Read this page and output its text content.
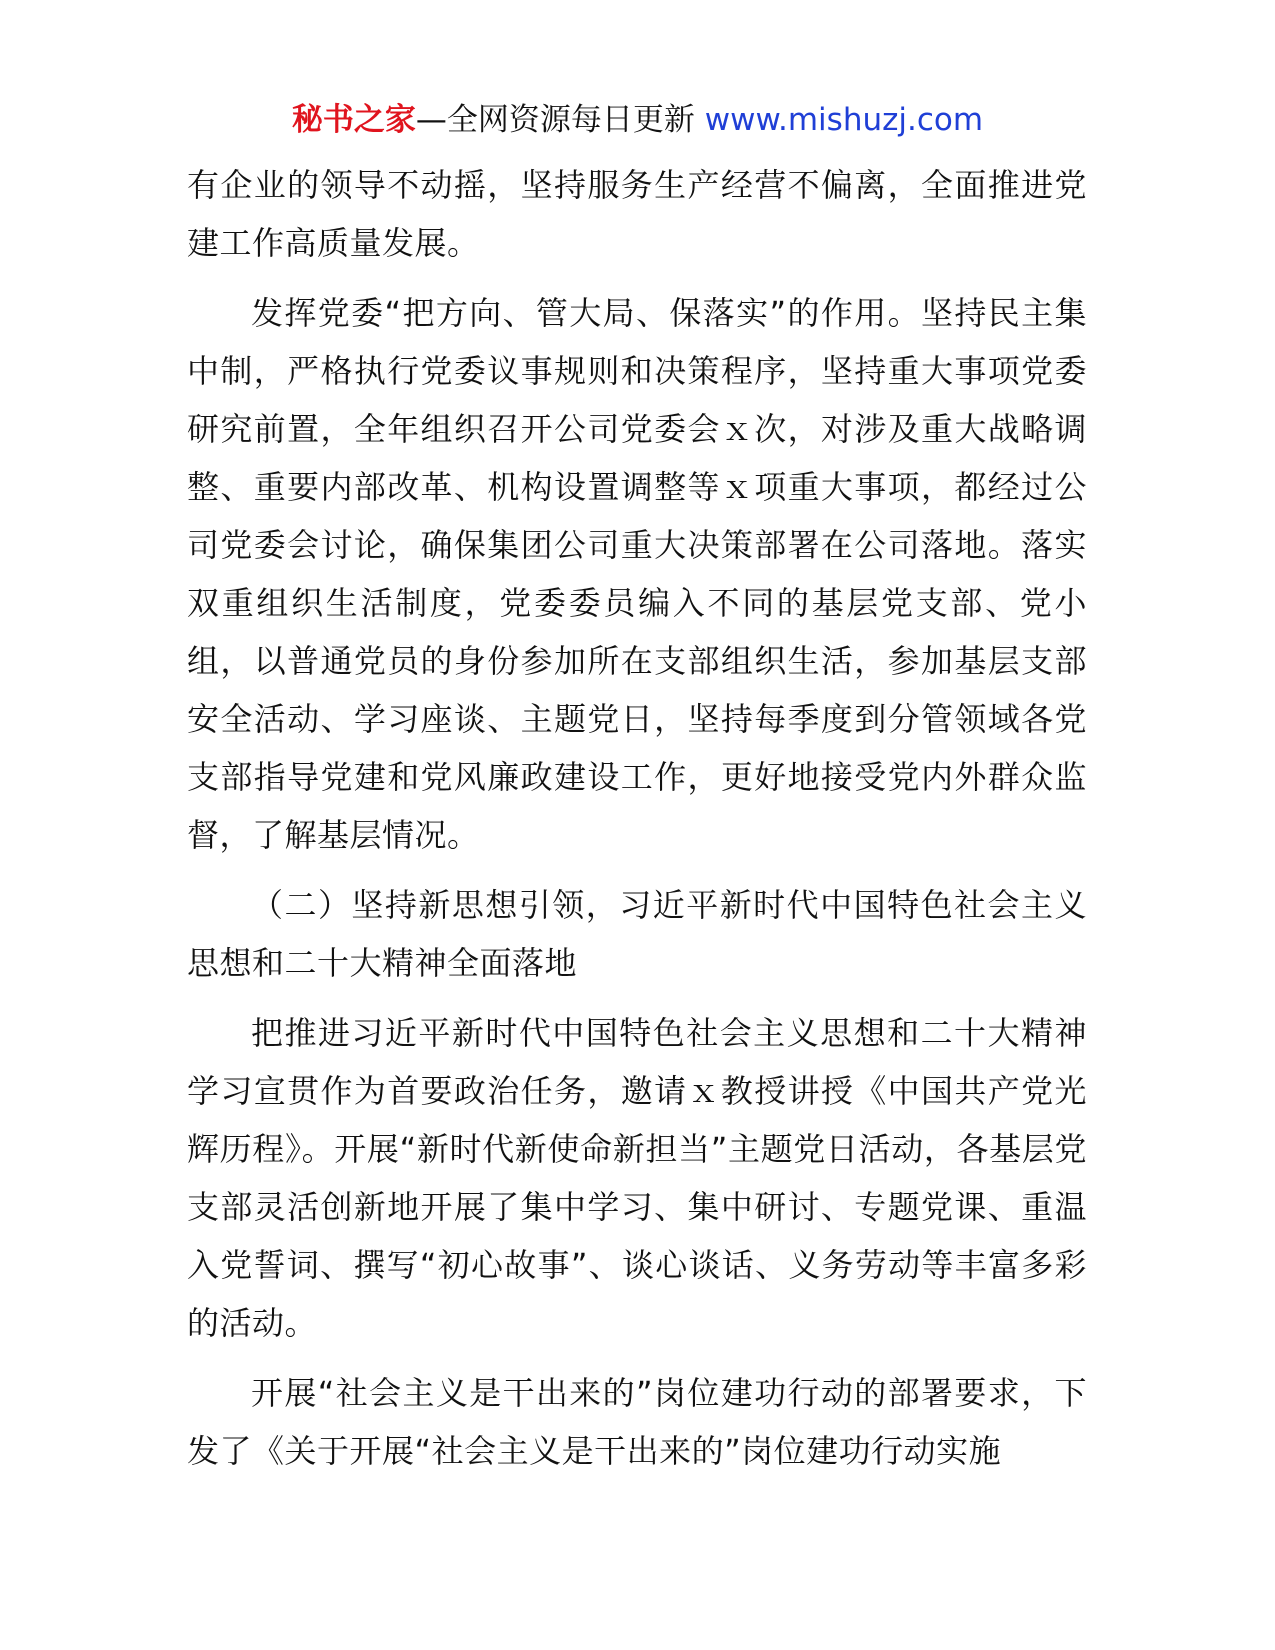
秘书之家—全网资源每日更新 www.mishuzj.com

有企业的领导不动摇，坚持服务生产经营不偏离，全面推进党建工作高质量发展。

发挥党委“把方向、管大局、保落实”的作用。坚持民主集中制，严格执行党委议事规则和决策程序，坚持重大事项党委研究前置，全年组织召开公司党委会ｘ次，对涉及重大战略调整、重要内部改革、机构设置调整等ｘ项重大事项，都经过公司党委会讨论，确保集团公司重大决策部署在公司落地。落实双重组织生活制度，党委委员编入不同的基层党支部、党小组，以普通党员的身份参加所在支部组织生活，参加基层支部安全活动、学习座谈、主题党日，坚持每季度到分管领域各党支部指导党建和党风廉政建设工作，更好地接受党内外群众监督，了解基层情况。

（二）坚持新思想引领，习近平新时代中国特色社会主义思想和二十大精神全面落地

把推进习近平新时代中国特色社会主义思想和二十大精神学习宣贯作为首要政治任务，邀请ｘ教授讲授《中国共产党光辉历程》。开展“新时代新使命新担当”主题党日活动，各基层党支部灵活创新地开展了集中学习、集中研讨、专题党课、重温入党誓词、撰写“初心故事”、谈心谈话、义务劳动等丰富多彩的活动。

开展“社会主义是干出来的”岗位建功行动的部署要求，下发了《关于开展“社会主义是干出来的”岗位建功行动实施
